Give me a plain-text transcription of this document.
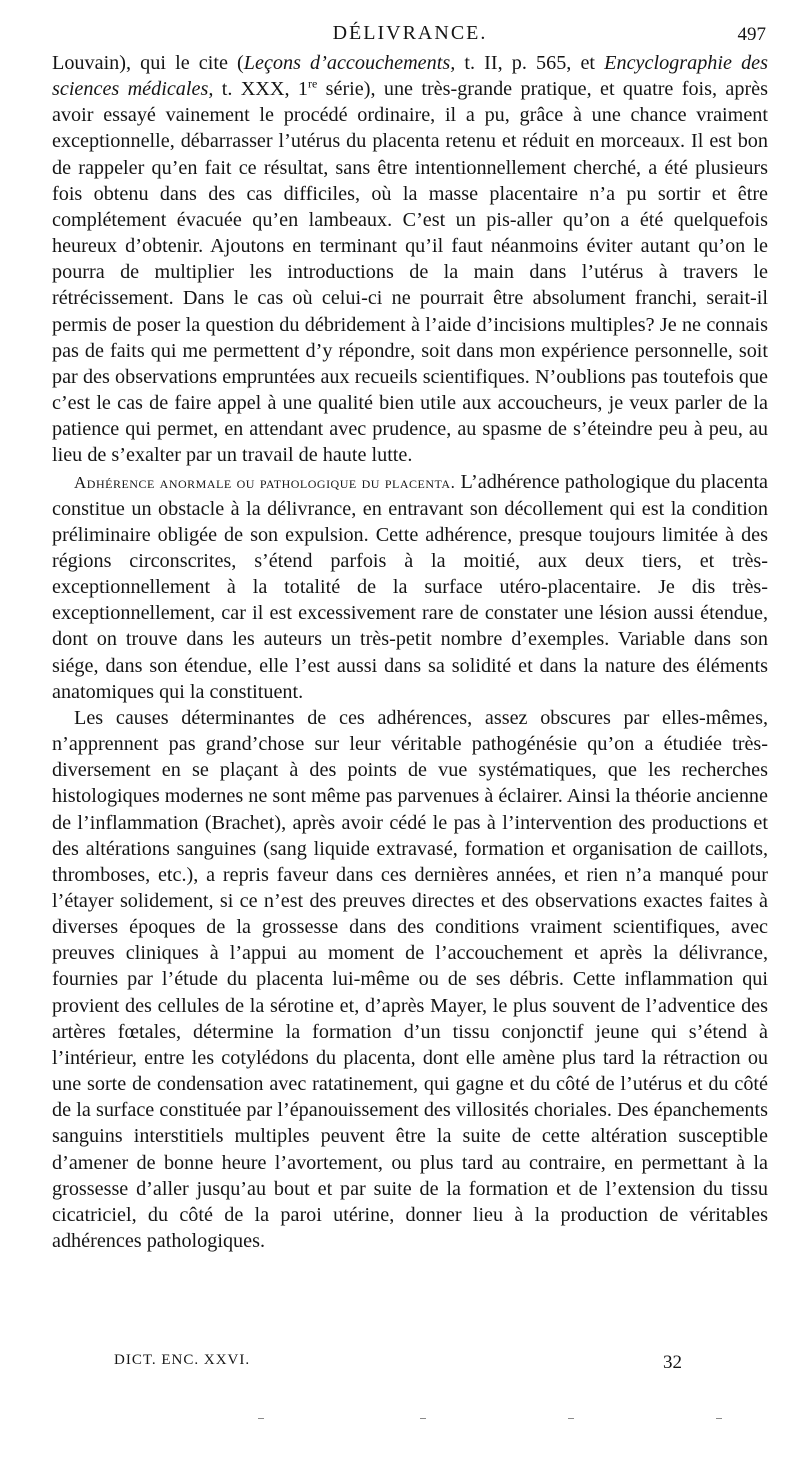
DÉLIVRANCE.	497

Louvain), qui le cite (Leçons d’accouchements, t. II, p. 565, et Encyclographie des sciences médicales, t. XXX, 1re série), une très-grande pratique, et quatre fois, après avoir essayé vainement le procédé ordinaire, il a pu, grâce à une chance vraiment exceptionnelle, débarrasser l’utérus du placenta retenu et réduit en morceaux. Il est bon de rappeler qu’en fait ce résultat, sans être intentionnellement cherché, a été plusieurs fois obtenu dans des cas difficiles, où la masse placentaire n’a pu sortir et être complétement évacuée qu’en lambeaux. C’est un pis-aller qu’on a été quelquefois heureux d’obtenir. Ajoutons en terminant qu’il faut néanmoins éviter autant qu’on le pourra de multiplier les introductions de la main dans l’utérus à travers le rétrécissement. Dans le cas où celui-ci ne pourrait être absolument franchi, serait-il permis de poser la question du débridement à l’aide d’incisions multiples? Je ne connais pas de faits qui me permettent d’y répondre, soit dans mon expérience personnelle, soit par des observations empruntées aux recueils scientifiques. N’oublions pas toutefois que c’est le cas de faire appel à une qualité bien utile aux accoucheurs, je veux parler de la patience qui permet, en attendant avec prudence, au spasme de s’éteindre peu à peu, au lieu de s’exalter par un travail de haute lutte.

Adhérence anormale ou pathologique du placenta. L’adhérence pathologique du placenta constitue un obstacle à la délivrance, en entravant son décollement qui est la condition préliminaire obligée de son expulsion. Cette adhérence, presque toujours limitée à des régions circonscrites, s’étend parfois à la moitié, aux deux tiers, et très-exceptionnellement à la totalité de la surface utéro-placentaire. Je dis très-exceptionnellement, car il est excessivement rare de constater une lésion aussi étendue, dont on trouve dans les auteurs un très-petit nombre d’exemples. Variable dans son siége, dans son étendue, elle l’est aussi dans sa solidité et dans la nature des éléments anatomiques qui la constituent.

Les causes déterminantes de ces adhérences, assez obscures par elles-mêmes, n’apprennent pas grand’chose sur leur véritable pathogénésie qu’on a étudiée très-diversement en se plaçant à des points de vue systématiques, que les recherches histologiques modernes ne sont même pas parvenues à éclairer. Ainsi la théorie ancienne de l’inflammation (Brachet), après avoir cédé le pas à l’intervention des productions et des altérations sanguines (sang liquide extravasé, formation et organisation de caillots, thromboses, etc.), a repris faveur dans ces dernières années, et rien n’a manqué pour l’étayer solidement, si ce n’est des preuves directes et des observations exactes faites à diverses époques de la grossesse dans des conditions vraiment scientifiques, avec preuves cliniques à l’appui au moment de l’accouchement et après la délivrance, fournies par l’étude du placenta lui-même ou de ses débris. Cette inflammation qui provient des cellules de la sérotine et, d’après Mayer, le plus souvent de l’adventice des artères fœtales, détermine la formation d’un tissu conjonctif jeune qui s’étend à l’intérieur, entre les cotylédons du placenta, dont elle amène plus tard la rétraction ou une sorte de condensation avec ratatinement, qui gagne et du côté de l’utérus et du côté de la surface constituée par l’épanouissement des villosités choriales. Des épanchements sanguins interstitiels multiples peuvent être la suite de cette altération susceptible d’amener de bonne heure l’avortement, ou plus tard au contraire, en permettant à la grossesse d’aller jusqu’au bout et par suite de la formation et de l’extension du tissu cicatriciel, du côté de la paroi utérine, donner lieu à la production de véritables adhérences pathologiques.

DICT. ENC. XXVI.	32
